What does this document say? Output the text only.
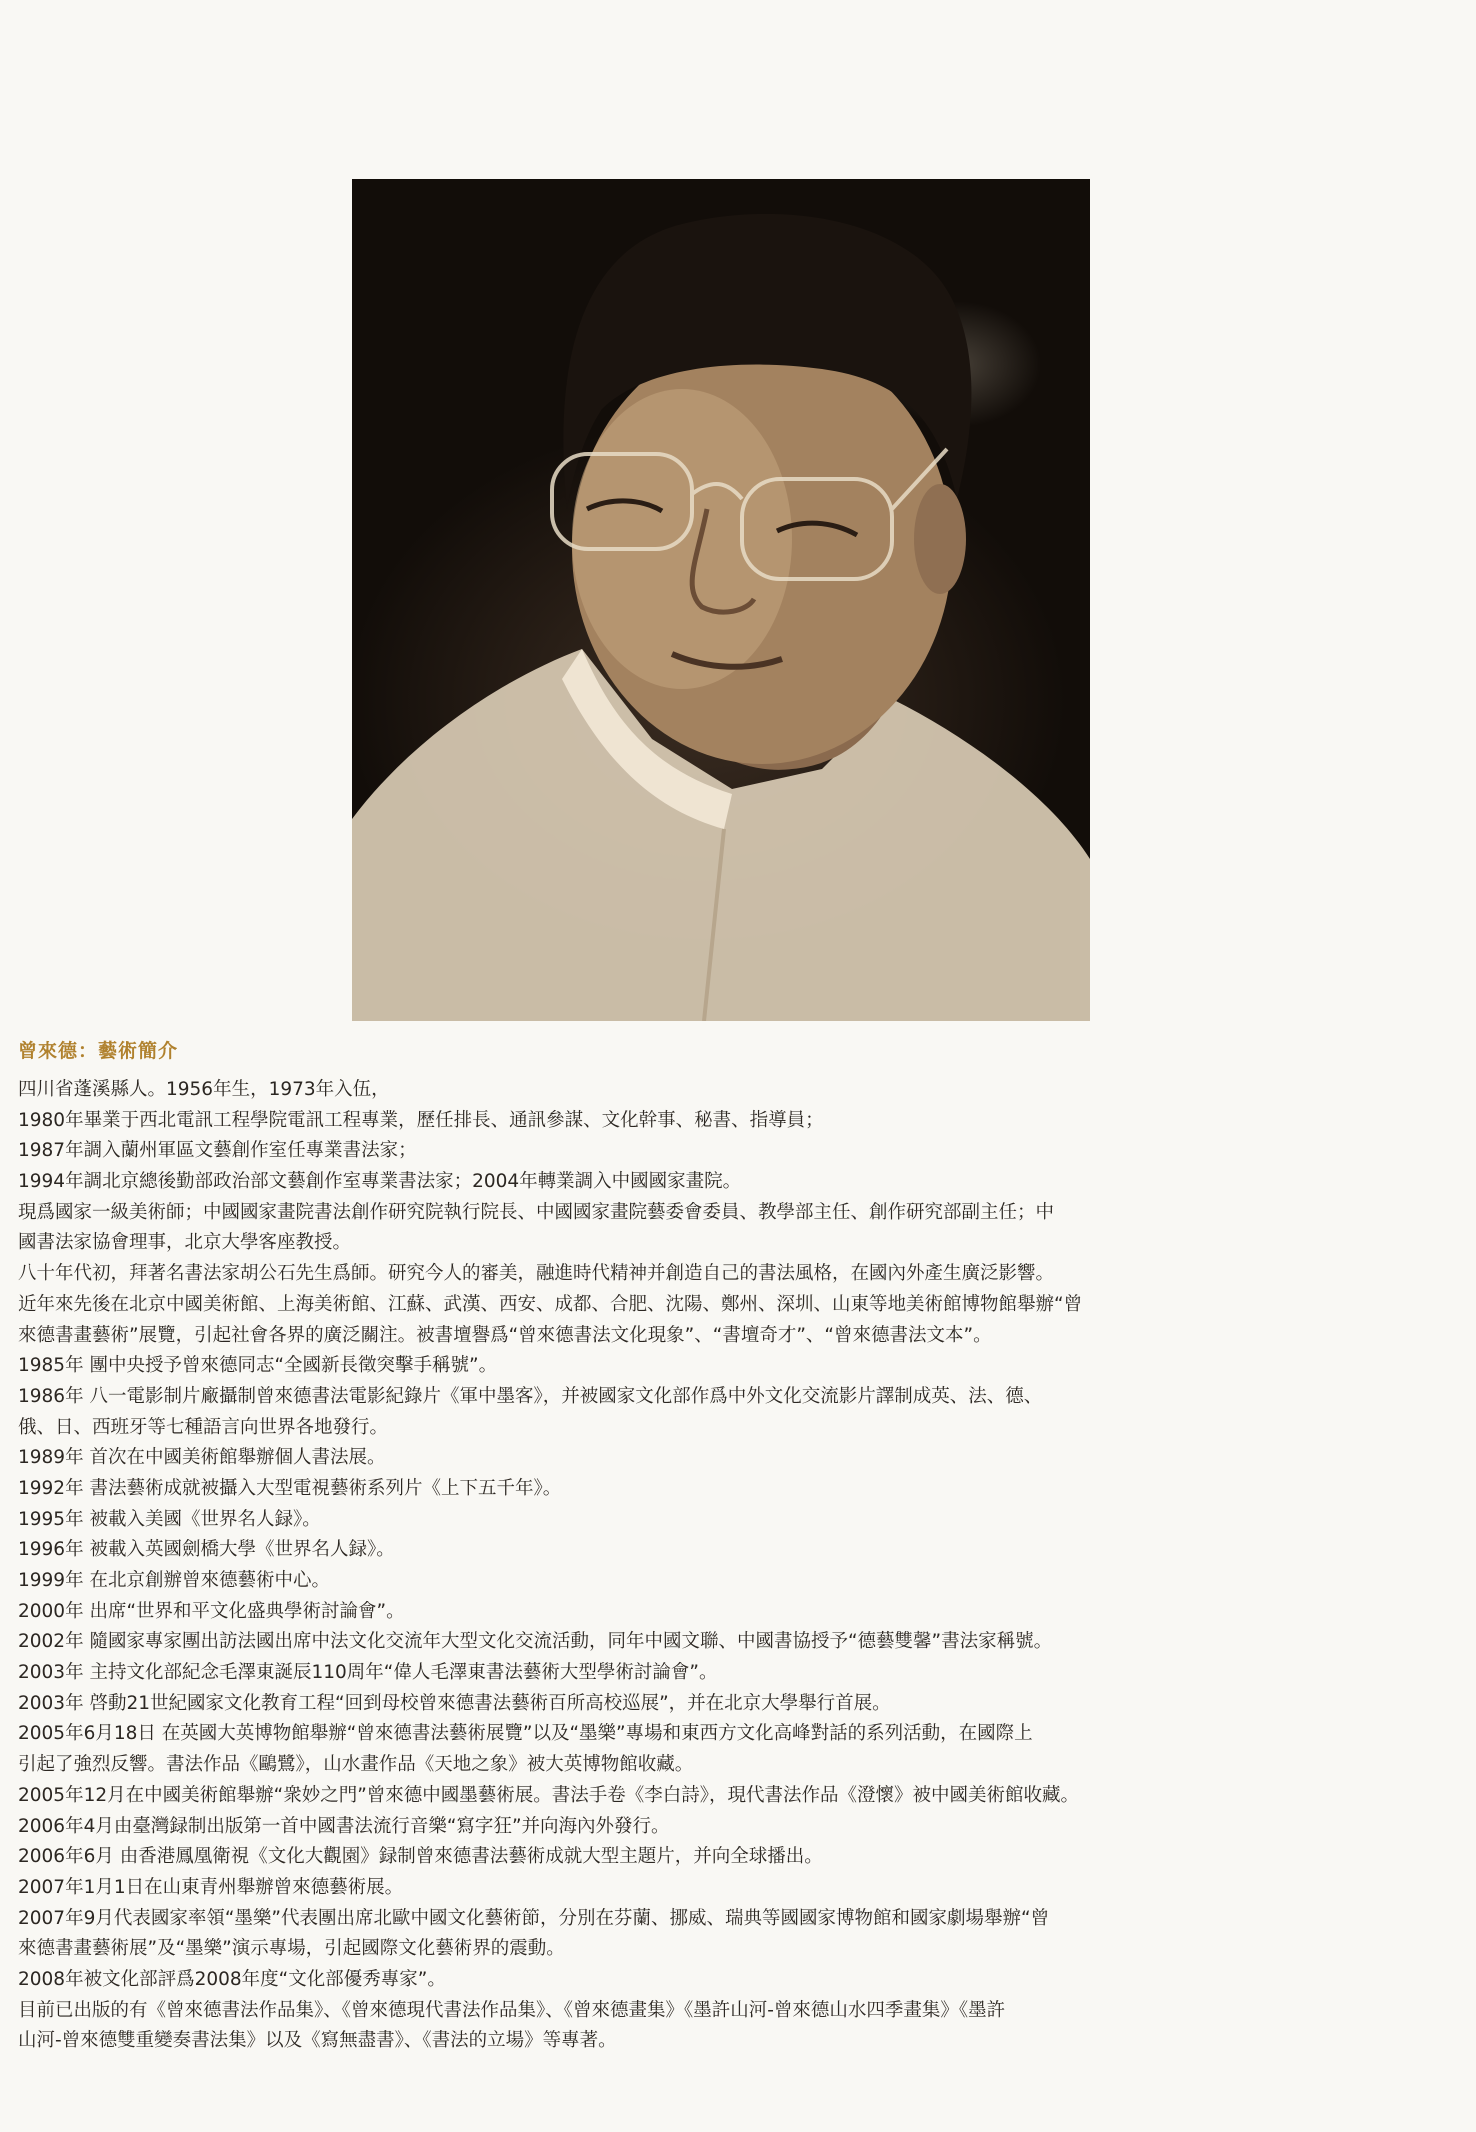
曾來德：藝術簡介
四川省蓬溪縣人。1956年生，1973年入伍，
1980年畢業于西北電訊工程學院電訊工程專業，歷任排長、通訊參謀、文化幹事、秘書、指導員；
1987年調入蘭州軍區文藝創作室任專業書法家；
1994年調北京總後勤部政治部文藝創作室專業書法家；2004年轉業調入中國國家畫院。
現爲國家一級美術師；中國國家畫院書法創作研究院執行院長、中國國家畫院藝委會委員、教學部主任、創作研究部副主任；中
國書法家協會理事，北京大學客座教授。
八十年代初，拜著名書法家胡公石先生爲師。研究今人的審美，融進時代精神并創造自己的書法風格，在國內外產生廣泛影響。
近年來先後在北京中國美術館、上海美術館、江蘇、武漢、西安、成都、合肥、沈陽、鄭州、深圳、山東等地美術館博物館舉辦“曾
來德書畫藝術”展覽，引起社會各界的廣泛關注。被書壇譽爲“曾來德書法文化現象”、“書壇奇才”、“曾來德書法文本”。
1985年 團中央授予曾來德同志“全國新長徵突擊手稱號”。
1986年 八一電影制片廠攝制曾來德書法電影紀錄片《軍中墨客》，并被國家文化部作爲中外文化交流影片譯制成英、法、德、
俄、日、西班牙等七種語言向世界各地發行。
1989年 首次在中國美術館舉辦個人書法展。
1992年 書法藝術成就被攝入大型電視藝術系列片《上下五千年》。
1995年 被載入美國《世界名人録》。
1996年 被載入英國劍橋大學《世界名人録》。
1999年 在北京創辦曾來德藝術中心。
2000年 出席“世界和平文化盛典學術討論會”。
2002年 隨國家專家團出訪法國出席中法文化交流年大型文化交流活動，同年中國文聯、中國書協授予“德藝雙馨”書法家稱號。
2003年 主持文化部紀念毛澤東誕辰110周年“偉人毛澤東書法藝術大型學術討論會”。
2003年 啓動21世紀國家文化教育工程“回到母校曾來德書法藝術百所高校巡展”，并在北京大學舉行首展。
2005年6月18日 在英國大英博物館舉辦“曾來德書法藝術展覽”以及“墨樂”專場和東西方文化高峰對話的系列活動，在國際上
引起了強烈反響。書法作品《鷗鷺》，山水畫作品《天地之象》被大英博物館收藏。
2005年12月在中國美術館舉辦“衆妙之門”曾來德中國墨藝術展。書法手卷《李白詩》，現代書法作品《澄懷》被中國美術館收藏。
2006年4月由臺灣録制出版第一首中國書法流行音樂“寫字狂”并向海內外發行。
2006年6月 由香港鳳凰衛視《文化大觀園》録制曾來德書法藝術成就大型主題片，并向全球播出。
2007年1月1日在山東青州舉辦曾來德藝術展。
2007年9月代表國家率領“墨樂”代表團出席北歐中國文化藝術節，分別在芬蘭、挪威、瑞典等國國家博物館和國家劇場舉辦“曾
來德書畫藝術展”及“墨樂”演示專場，引起國際文化藝術界的震動。
2008年被文化部評爲2008年度“文化部優秀專家”。
目前已出版的有《曾來德書法作品集》、《曾來德現代書法作品集》、《曾來德畫集》《墨許山河-曾來德山水四季畫集》《墨許
山河-曾來德雙重變奏書法集》以及《寫無盡書》、《書法的立場》等專著。
